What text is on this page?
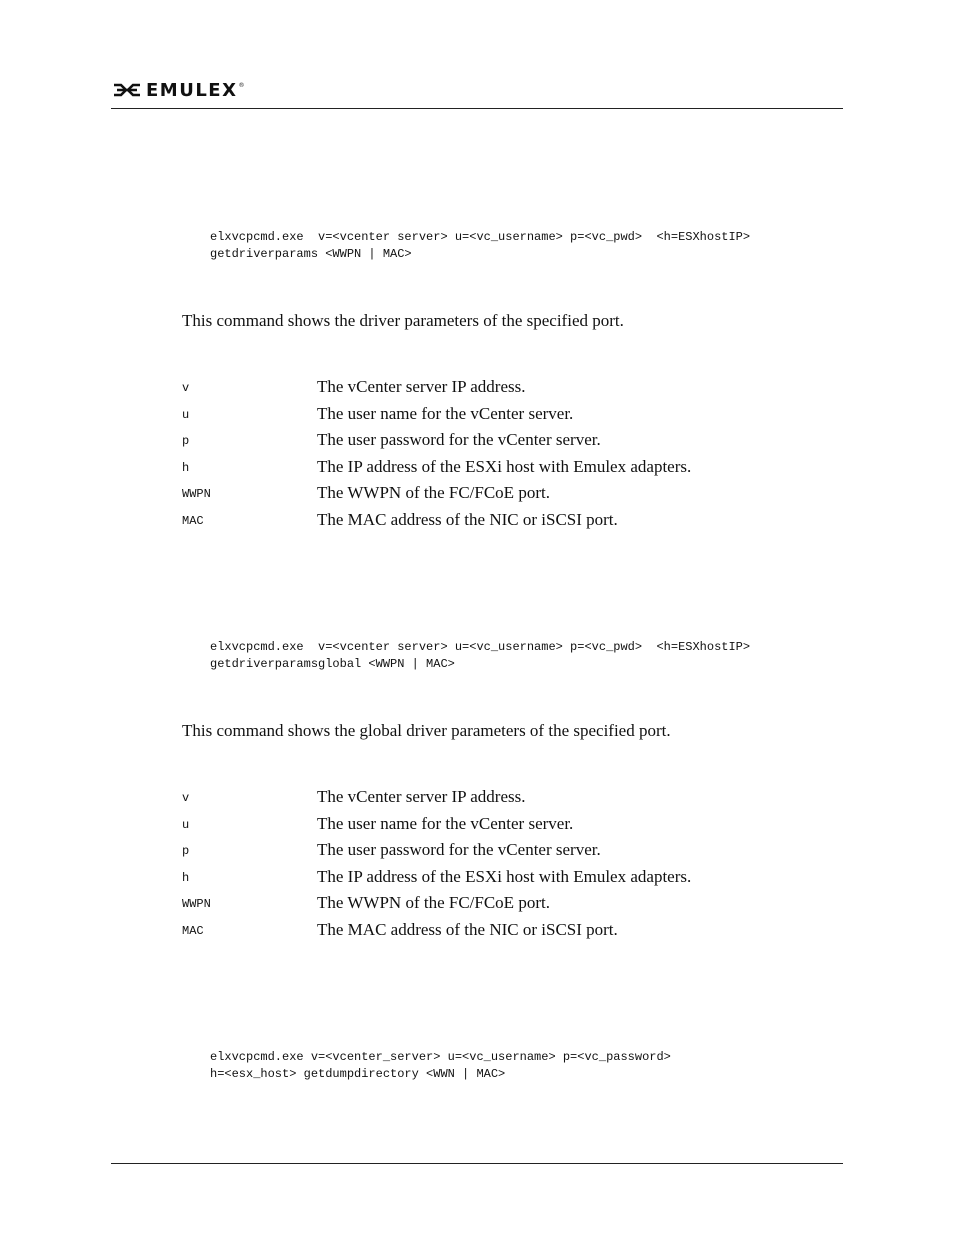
EMULEX ®
elxvcpcmd.exe  v=<vcenter server> u=<vc_username> p=<vc_pwd>  <h=ESXhostIP>
getdriverparams <WWPN | MAC>
This command shows the driver parameters of the specified port.
v	The vCenter server IP address.
u	The user name for the vCenter server.
p	The user password for the vCenter server.
h	The IP address of the ESXi host with Emulex adapters.
WWPN	The WWPN of the FC/FCoE port.
MAC	The MAC address of the NIC or iSCSI port.
elxvcpcmd.exe  v=<vcenter server> u=<vc_username> p=<vc_pwd>  <h=ESXhostIP>
getdriverparamsglobal <WWPN | MAC>
This command shows the global driver parameters of the specified port.
v	The vCenter server IP address.
u	The user name for the vCenter server.
p	The user password for the vCenter server.
h	The IP address of the ESXi host with Emulex adapters.
WWPN	The WWPN of the FC/FCoE port.
MAC	The MAC address of the NIC or iSCSI port.
elxvcpcmd.exe v=<vcenter_server> u=<vc_username> p=<vc_password>
h=<esx_host> getdumpdirectory <WWN | MAC>
